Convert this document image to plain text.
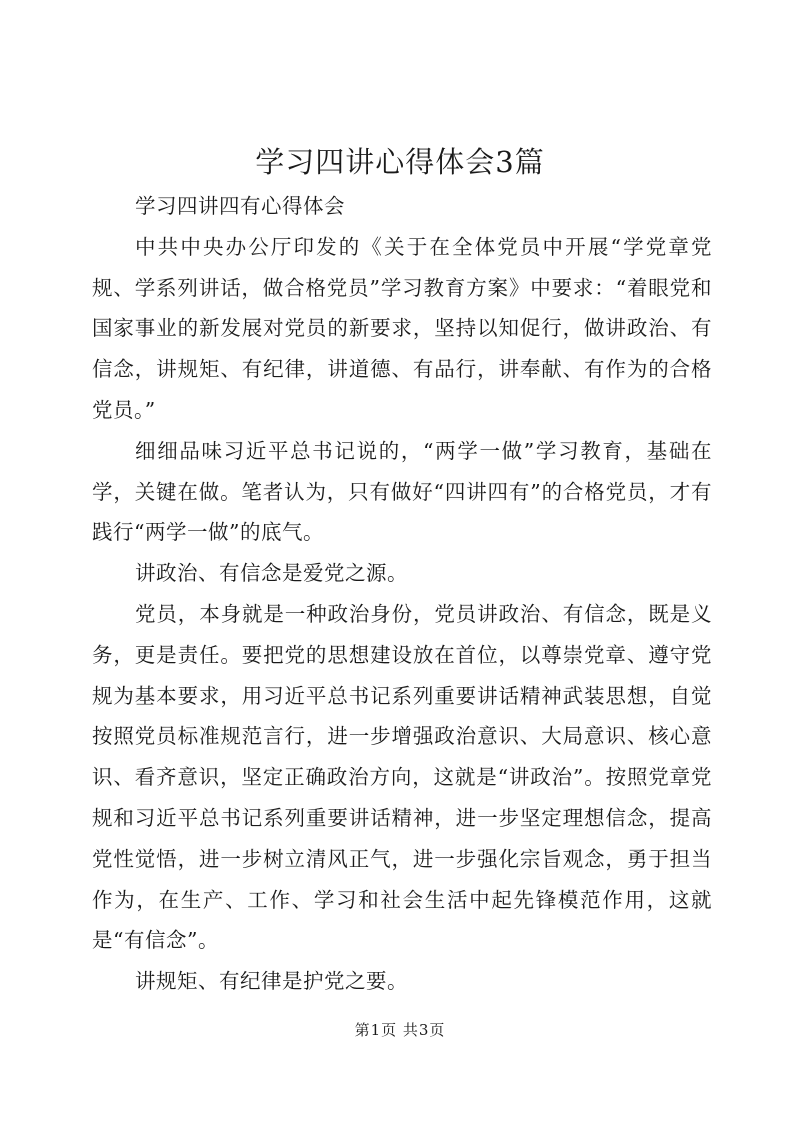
学习四讲心得体会3篇

学习四讲四有心得体会

中共中央办公厅印发的《关于在全体党员中开展“学党章党规、学系列讲话，做合格党员”学习教育方案》中要求：“着眼党和国家事业的新发展对党员的新要求，坚持以知促行，做讲政治、有信念，讲规矩、有纪律，讲道德、有品行，讲奉献、有作为的合格党员。”

细细品味习近平总书记说的，“两学一做”学习教育，基础在学，关键在做。笔者认为，只有做好“四讲四有”的合格党员，才有践行“两学一做”的底气。

讲政治、有信念是爱党之源。

党员，本身就是一种政治身份，党员讲政治、有信念，既是义务，更是责任。要把党的思想建设放在首位，以尊崇党章、遵守党规为基本要求，用习近平总书记系列重要讲话精神武装思想，自觉按照党员标准规范言行，进一步增强政治意识、大局意识、核心意识、看齐意识，坚定正确政治方向，这就是“讲政治”。按照党章党规和习近平总书记系列重要讲话精神，进一步坚定理想信念，提高党性觉悟，进一步树立清风正气，进一步强化宗旨观念，勇于担当作为，在生产、工作、学习和社会生活中起先锋模范作用，这就是“有信念”。

讲规矩、有纪律是护党之要。

第1页 共3页
